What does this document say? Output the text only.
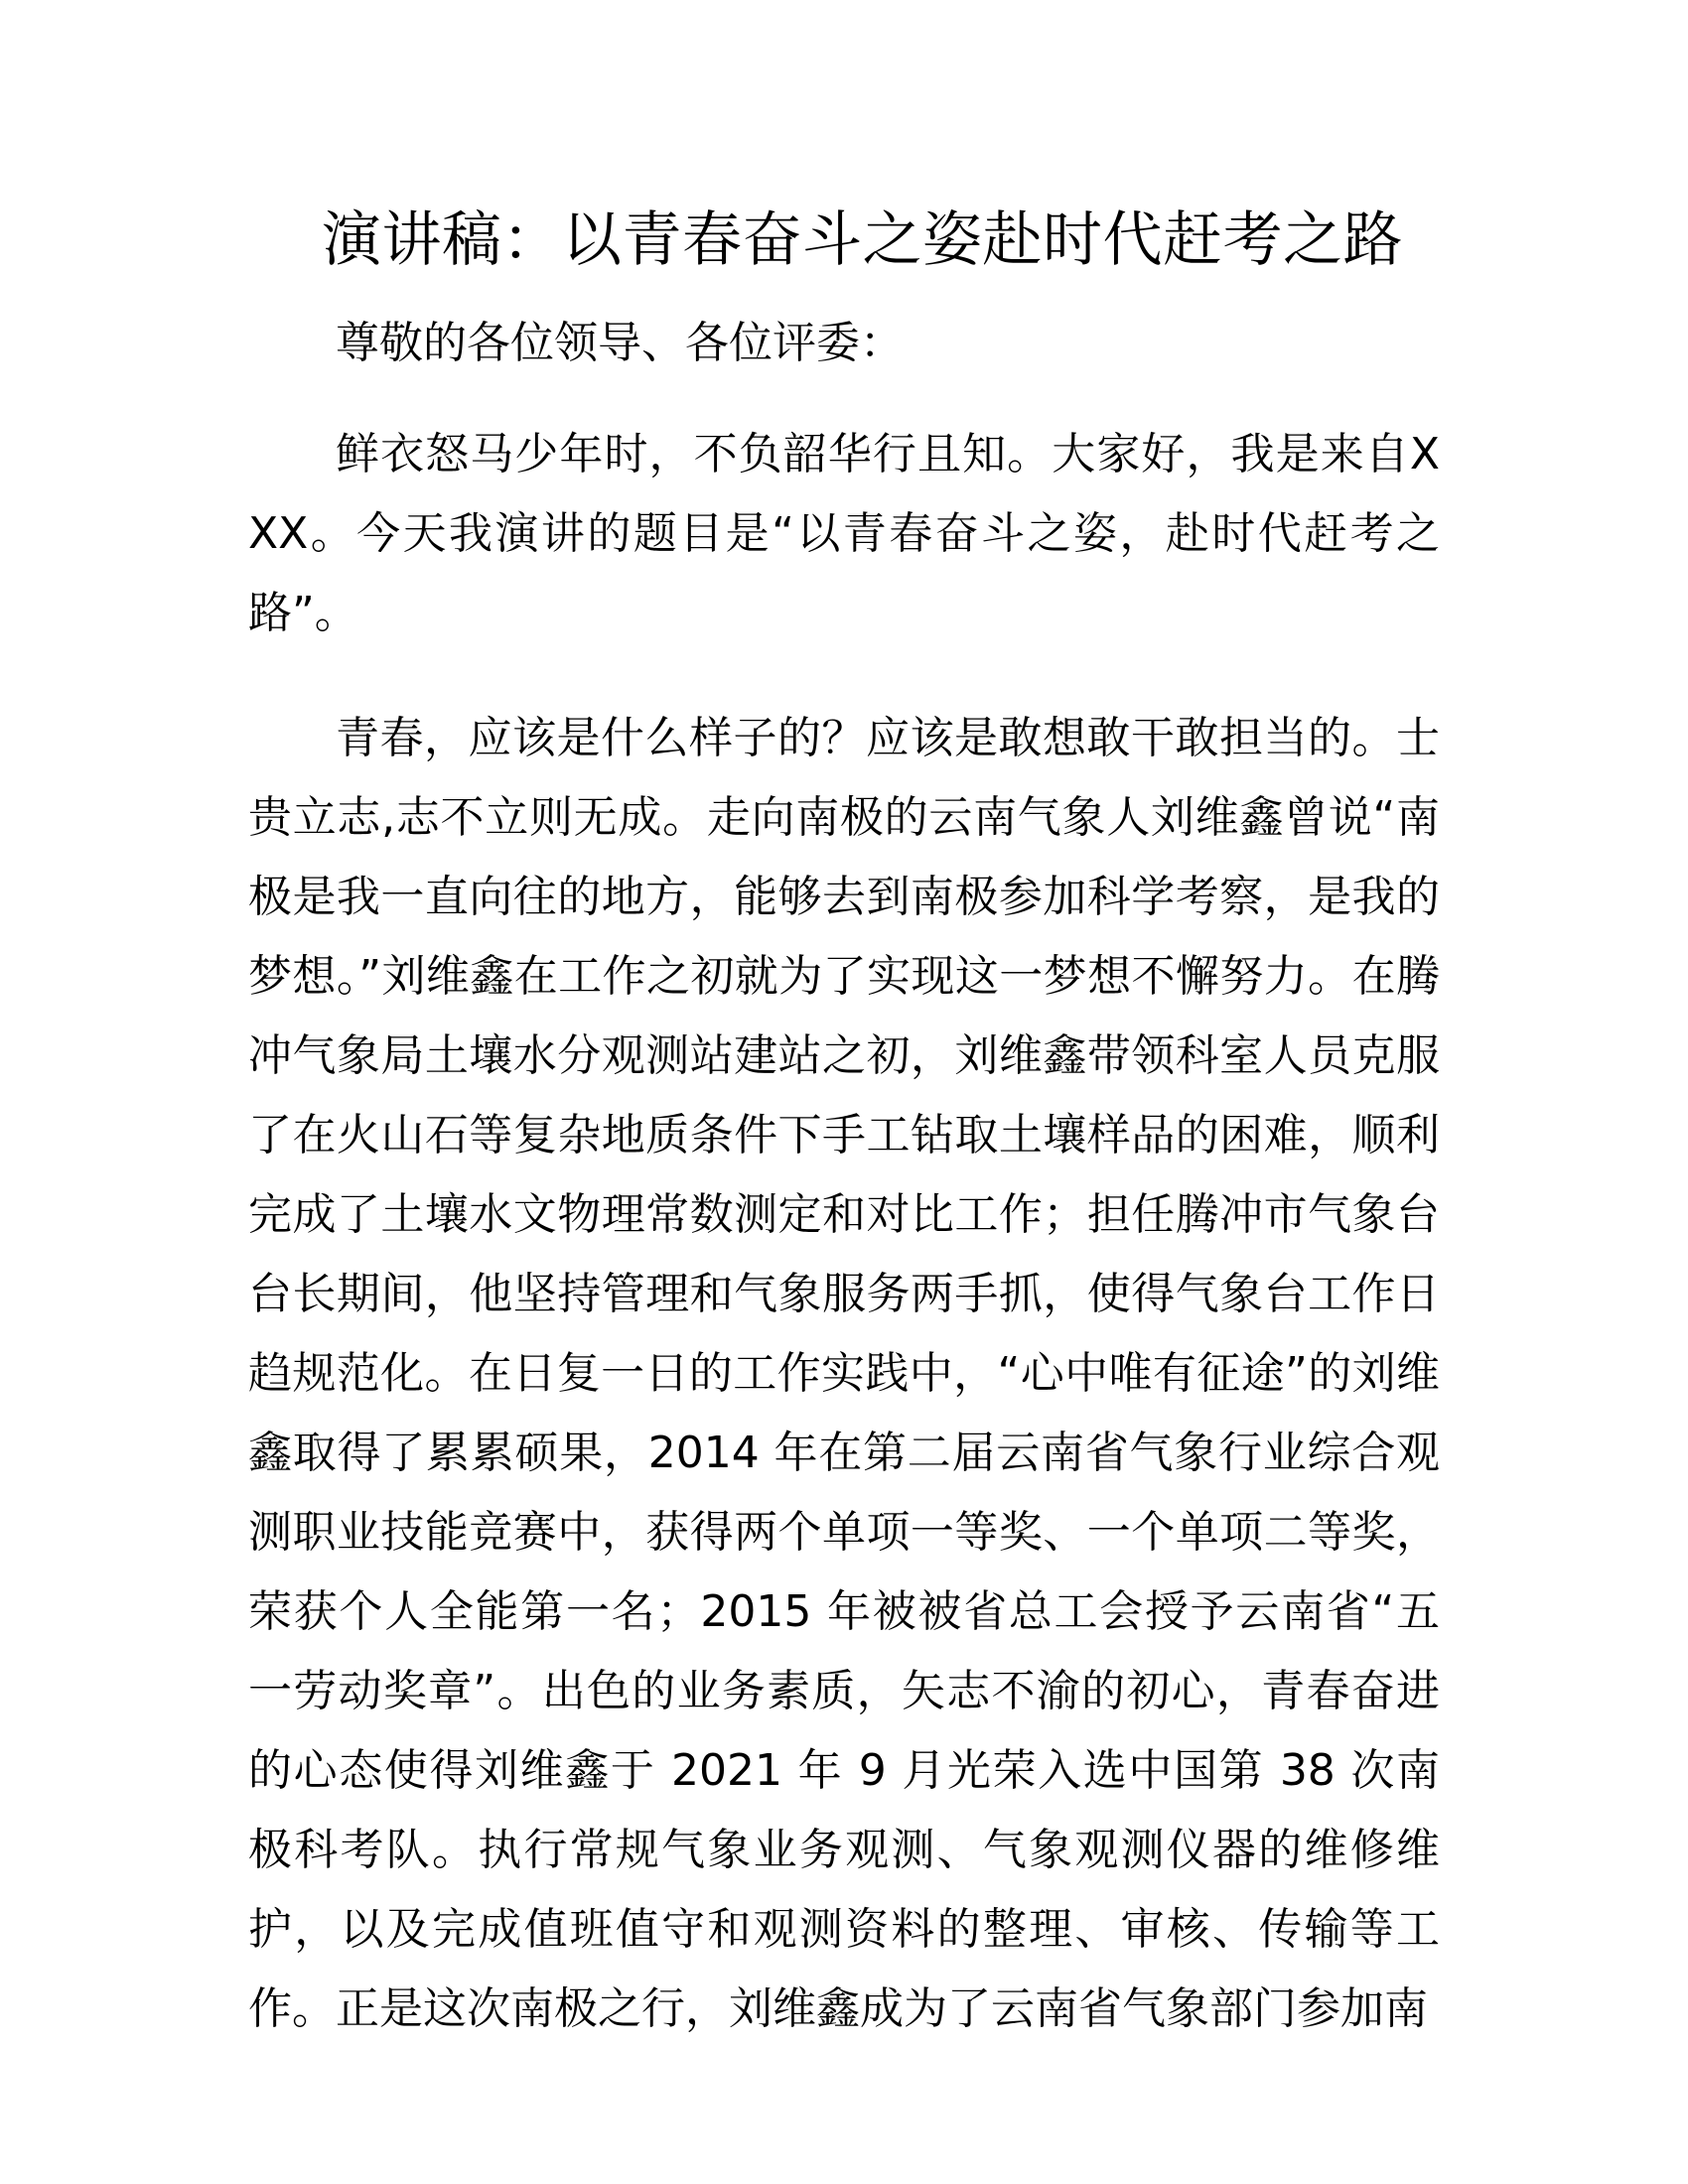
演讲稿：以青春奋斗之姿赴时代赶考之路

尊敬的各位领导、各位评委：

鲜衣怒马少年时，不负韶华行且知。大家好，我是来自XXX。今天我演讲的题目是“以青春奋斗之姿，赴时代赶考之路”。

青春，应该是什么样子的？应该是敢想敢干敢担当的。士贵立志,志不立则无成。走向南极的云南气象人刘维鑫曾说“南极是我一直向往的地方，能够去到南极参加科学考察，是我的梦想。”刘维鑫在工作之初就为了实现这一梦想不懈努力。在腾冲气象局土壤水分观测站建站之初，刘维鑫带领科室人员克服了在火山石等复杂地质条件下手工钻取土壤样品的困难，顺利完成了土壤水文物理常数测定和对比工作；担任腾冲市气象台台长期间，他坚持管理和气象服务两手抓，使得气象台工作日趋规范化。在日复一日的工作实践中，“心中唯有征途”的刘维鑫取得了累累硕果，2014 年在第二届云南省气象行业综合观测职业技能竞赛中，获得两个单项一等奖、一个单项二等奖，荣获个人全能第一名；2015 年被被省总工会授予云南省“五一劳动奖章”。出色的业务素质，矢志不渝的初心，青春奋进的心态使得刘维鑫于 2021 年 9 月光荣入选中国第 38 次南极科考队。执行常规气象业务观测、气象观测仪器的维修维护，以及完成值班值守和观测资料的整理、审核、传输等工作。正是这次南极之行，刘维鑫成为了云南省气象部门参加南
